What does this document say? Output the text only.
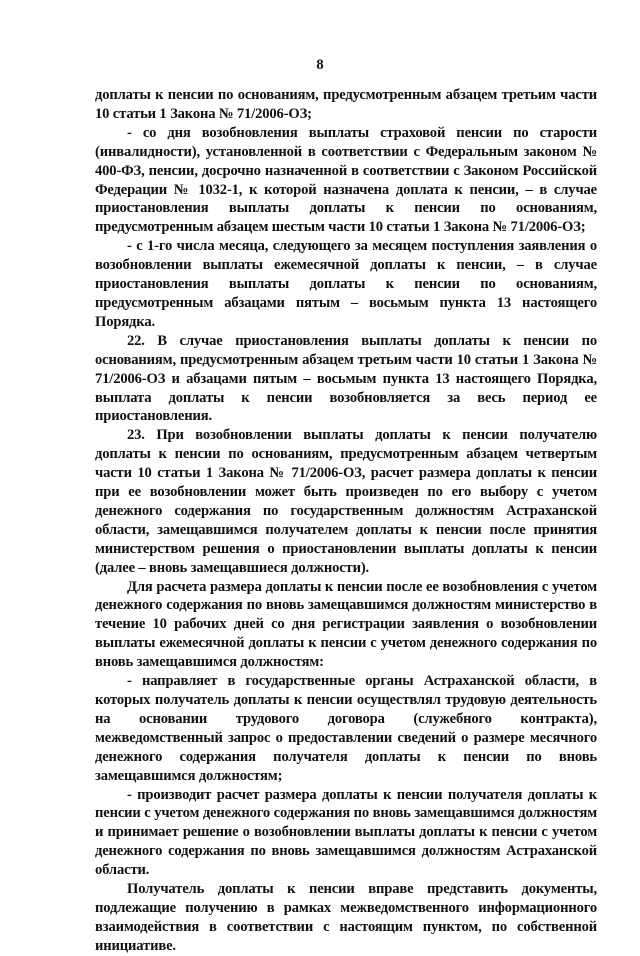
8

доплаты к пенсии по основаниям, предусмотренным абзацем третьим части 10 статьи 1 Закона № 71/2006-ОЗ;

- со дня возобновления выплаты страховой пенсии по старости (инвалидности), установленной в соответствии с Федеральным законом № 400-ФЗ, пенсии, досрочно назначенной в соответствии с Законом Российской Федерации № 1032-1, к которой назначена доплата к пенсии, – в случае приостановления выплаты доплаты к пенсии по основаниям, предусмотренным абзацем шестым части 10 статьи 1 Закона № 71/2006-ОЗ;

- с 1-го числа месяца, следующего за месяцем поступления заявления о возобновлении выплаты ежемесячной доплаты к пенсии, – в случае приостановления выплаты доплаты к пенсии по основаниям, предусмотренным абзацами пятым – восьмым пункта 13 настоящего Порядка.

22. В случае приостановления выплаты доплаты к пенсии по основаниям, предусмотренным абзацем третьим части 10 статьи 1 Закона № 71/2006-ОЗ и абзацами пятым – восьмым пункта 13 настоящего Порядка, выплата доплаты к пенсии возобновляется за весь период ее приостановления.

23. При возобновлении выплаты доплаты к пенсии получателю доплаты к пенсии по основаниям, предусмотренным абзацем четвертым части 10 статьи 1 Закона № 71/2006-ОЗ, расчет размера доплаты к пенсии при ее возобновлении может быть произведен по его выбору с учетом денежного содержания по государственным должностям Астраханской области, замещавшимся получателем доплаты к пенсии после принятия министерством решения о приостановлении выплаты доплаты к пенсии (далее – вновь замещавшиеся должности).

Для расчета размера доплаты к пенсии после ее возобновления с учетом денежного содержания по вновь замещавшимся должностям министерство в течение 10 рабочих дней со дня регистрации заявления о возобновлении выплаты ежемесячной доплаты к пенсии с учетом денежного содержания по вновь замещавшимся должностям:

- направляет в государственные органы Астраханской области, в которых получатель доплаты к пенсии осуществлял трудовую деятельность на основании трудового договора (служебного контракта), межведомственный запрос о предоставлении сведений о размере месячного денежного содержания получателя доплаты к пенсии по вновь замещавшимся должностям;

- производит расчет размера доплаты к пенсии получателя доплаты к пенсии с учетом денежного содержания по вновь замещавшимся должностям и принимает решение о возобновлении выплаты доплаты к пенсии с учетом денежного содержания по вновь замещавшимся должностям Астраханской области.

Получатель доплаты к пенсии вправе представить документы, подлежащие получению в рамках межведомственного информационного взаимодействия в соответствии с настоящим пунктом, по собственной инициативе.
